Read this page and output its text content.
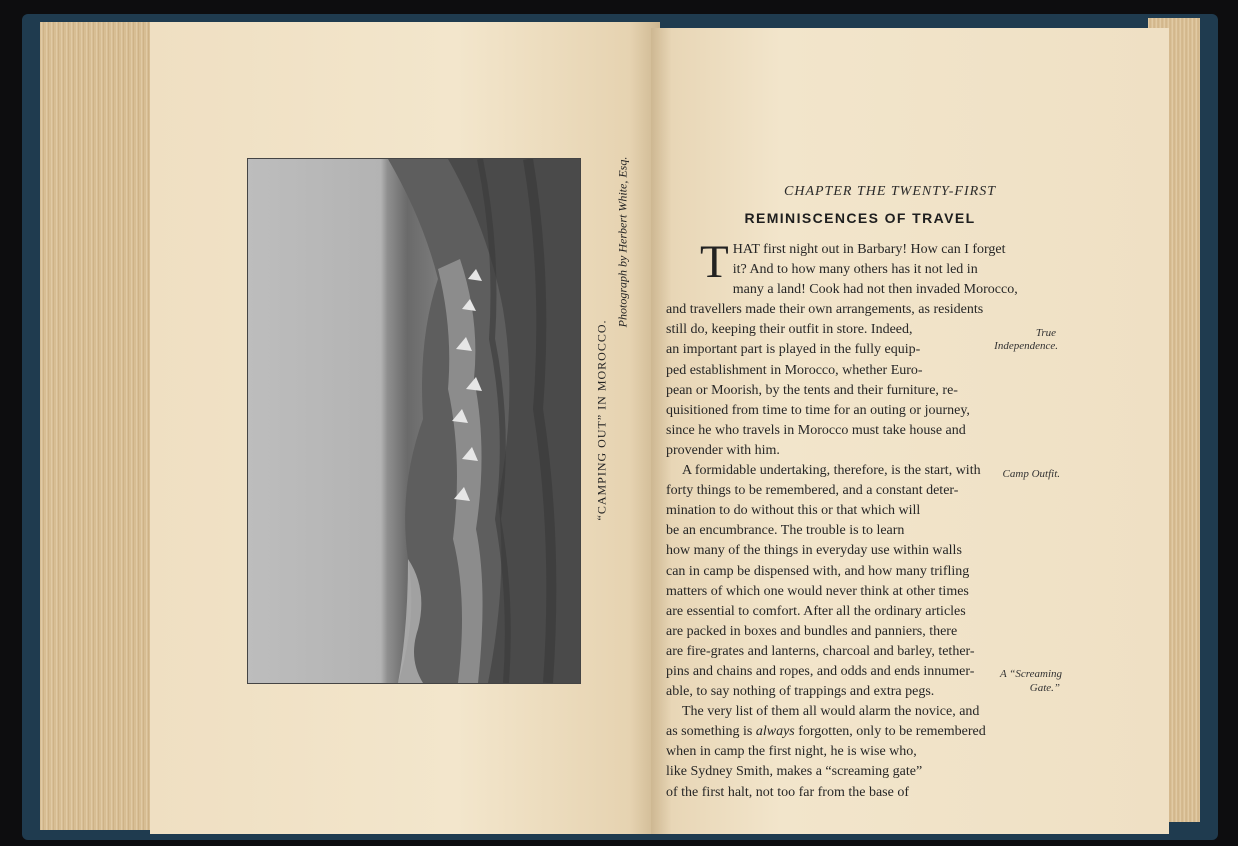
“CAMPING OUT” IN MOROCCO.
Photograph by Herbert White, Esq.	CHAPTER THE TWENTY-FIRST
REMINISCENCES OF TRAVEL
T HAT first night out in Barbary! How can I forget
it? And to how many others has it not led in
many a land! Cook had not then invaded Morocco,
and travellers made their own arrangements, as residents
still do, keeping their outfit in store. Indeed,
an important part is played in the fully equip-
ped establishment in Morocco, whether Euro-
pean or Moorish, by the tents and their furniture, re-
quisitioned from time to time for an outing or journey,
since he who travels in Morocco must take house and
provender with him.
A formidable undertaking, therefore, is the start, with
forty things to be remembered, and a constant deter-
mination to do without this or that which will
be an encumbrance. The trouble is to learn
how many of the things in everyday use within walls
can in camp be dispensed with, and how many trifling
matters of which one would never think at other times
are essential to comfort. After all the ordinary articles
are packed in boxes and bundles and panniers, there
are fire-grates and lanterns, charcoal and barley, tether-
pins and chains and ropes, and odds and ends innumer-
able, to say nothing of trappings and extra pegs.
The very list of them all would alarm the novice, and
as something is always forgotten, only to be remembered
when in camp the first night, he is wise who,
like Sydney Smith, makes a “screaming gate”
of the first halt, not too far from the base of
True
Independence.
Camp Outfit.
A “Screaming
Gate.”
